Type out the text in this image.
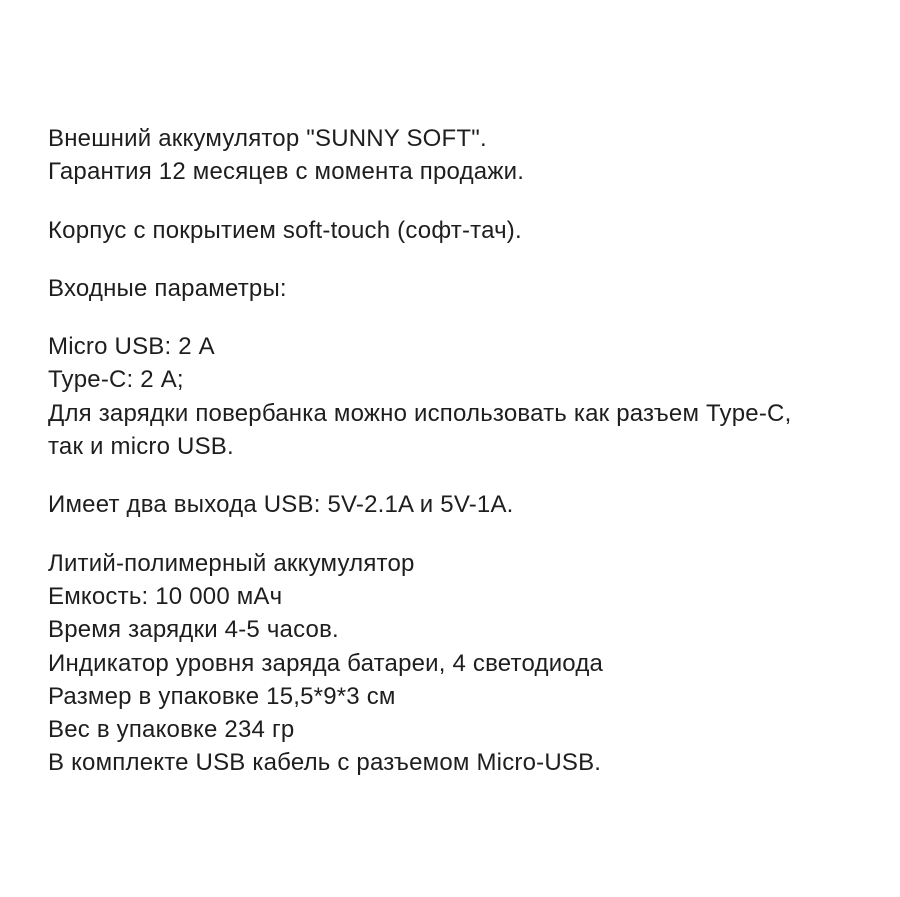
Внешний аккумулятор "SUNNY SOFT".
Гарантия 12 месяцев с момента продажи.
Корпус с покрытием soft-touch (софт-тач).
Входные параметры:
Micro USB: 2 А
Type-C: 2 А;
Для зарядки повербанка можно использовать как разъем Type-C,
так и micro USB.
Имеет два выхода USB: 5V-2.1A и 5V-1A.
Литий-полимерный аккумулятор
Емкость: 10 000 мАч
Время зарядки 4-5 часов.
Индикатор уровня заряда батареи, 4 светодиода
Размер в упаковке 15,5*9*3 см
Вес в упаковке 234 гр
В комплекте USB кабель с разъемом Micro-USB.
